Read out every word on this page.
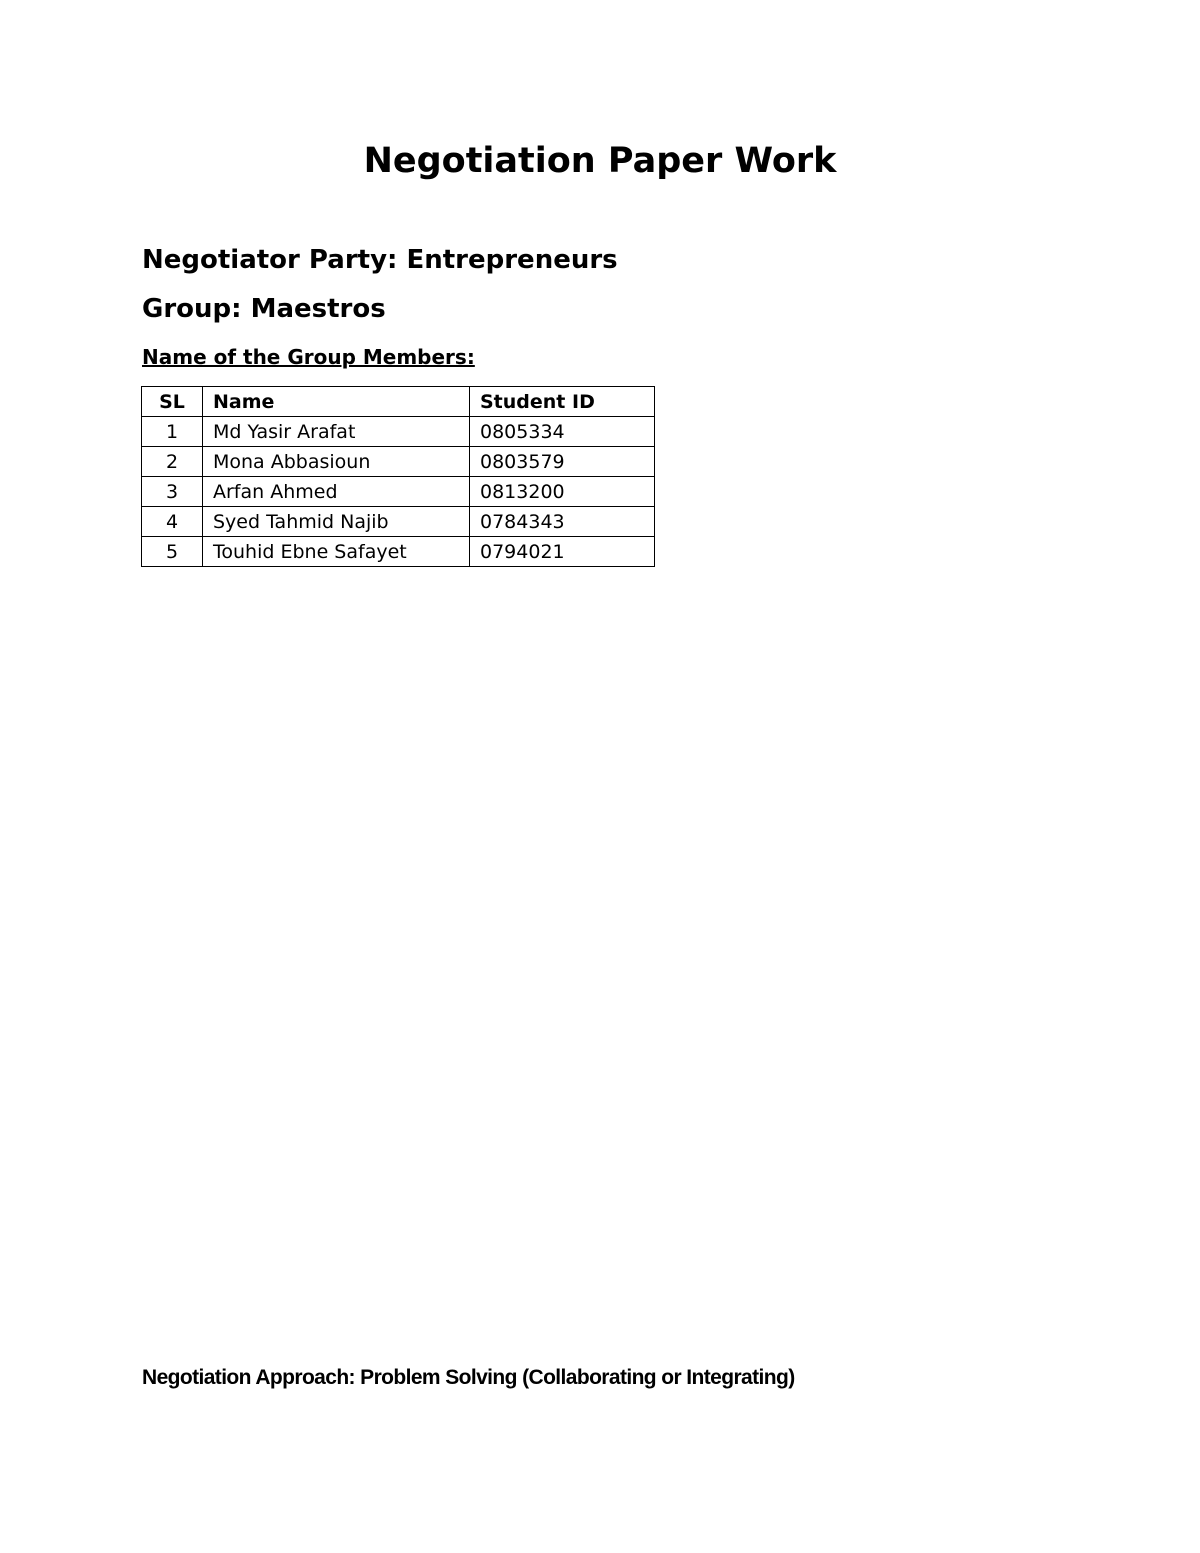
Negotiation Paper Work
Negotiator Party: Entrepreneurs
Group: Maestros
Name of the Group Members:
SL	Name	Student ID
1	Md Yasir Arafat	0805334
2	Mona Abbasioun	0803579
3	Arfan Ahmed	0813200
4	Syed Tahmid Najib	0784343
5	Touhid Ebne Safayet	0794021
Negotiation Approach: Problem Solving (Collaborating or Integrating)
